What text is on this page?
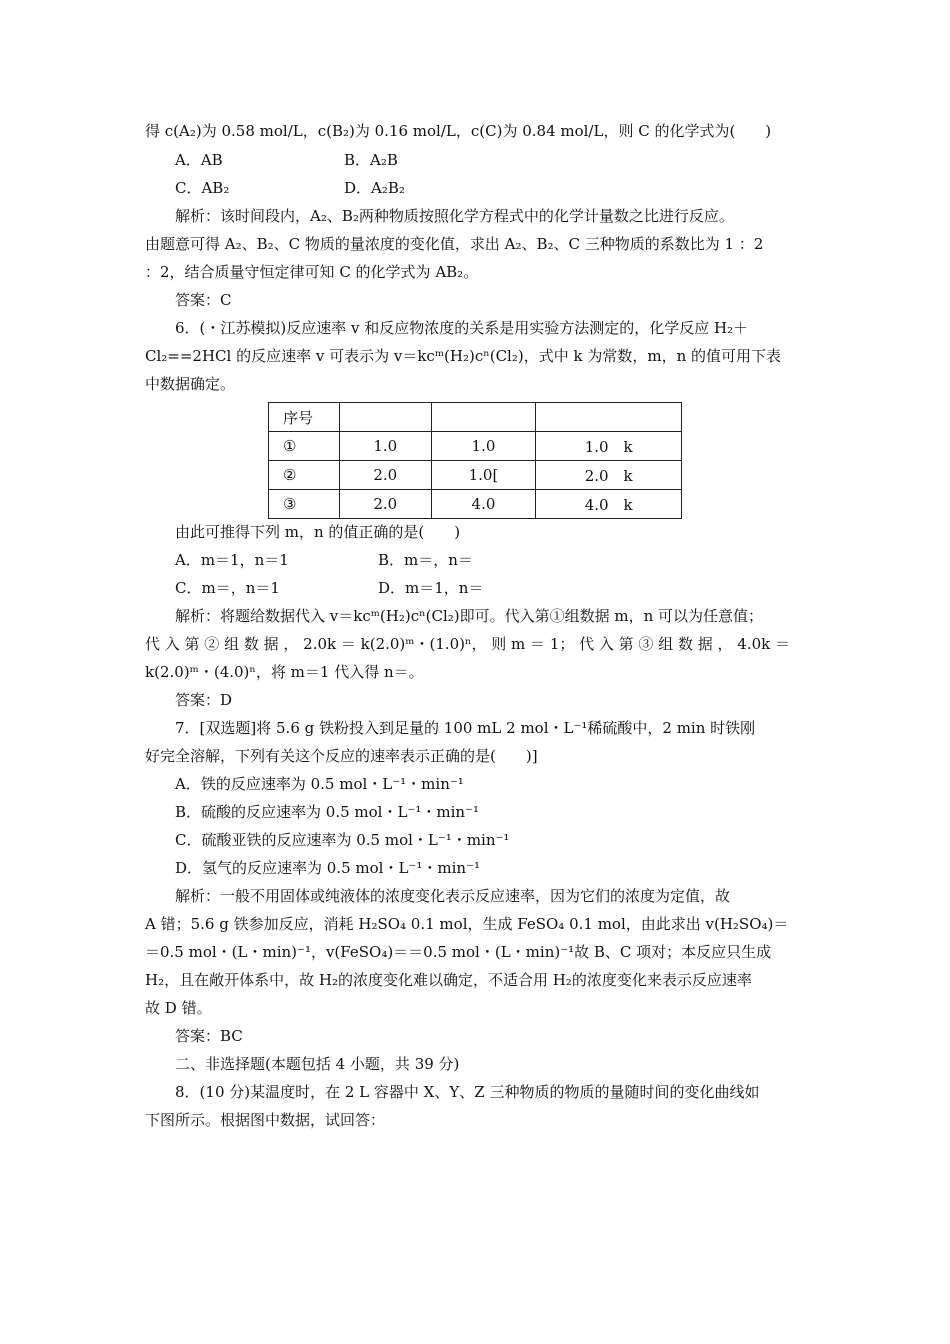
得 c(A₂)为 0.58 mol/L，c(B₂)为 0.16 mol/L，c(C)为 0.84 mol/L，则 C 的化学式为(　　)
A．AB	B．A₂B
C．AB₂	D．A₂B₂
解析：该时间段内，A₂、B₂两种物质按照化学方程式中的化学计量数之比进行反应。
由题意可得 A₂、B₂、C 物质的量浓度的变化值，求出 A₂、B₂、C 三种物质的系数比为 1 ：2
：2，结合质量守恒定律可知 C 的化学式为 AB₂。
答案：C
6．(・江苏模拟)反应速率 v 和反应物浓度的关系是用实验方法测定的，化学反应 H₂＋
Cl₂==2HCl 的反应速率 v 可表示为 v＝kcᵐ(H₂)cⁿ(Cl₂)，式中 k 为常数，m，n 的值可用下表
中数据确定。
序号			
①	1.0	1.0	1.0　k
②	2.0	1.0[	2.0　k
③	2.0	4.0	4.0　k
由此可推得下列 m，n 的值正确的是(　　)
A．m＝1，n＝1	B．m＝，n＝
C．m＝，n＝1	D．m＝1，n＝
解析：将题给数据代入 v＝kcᵐ(H₂)cⁿ(Cl₂)即可。代入第①组数据 m，n 可以为任意值；
代 入 第 ② 组 数 据 ， 2.0k ＝ k(2.0)ᵐ・(1.0)ⁿ， 则 m ＝ 1； 代 入 第 ③ 组 数 据 ， 4.0k ＝
k(2.0)ᵐ・(4.0)ⁿ，将 m＝1 代入得 n＝。
答案：D
7．[双选题]将 5.6 g 铁粉投入到足量的 100 mL 2 mol・L⁻¹稀硫酸中，2 min 时铁刚
好完全溶解，下列有关这个反应的速率表示正确的是(　　)]
A．铁的反应速率为 0.5 mol・L⁻¹・min⁻¹
B．硫酸的反应速率为 0.5 mol・L⁻¹・min⁻¹
C．硫酸亚铁的反应速率为 0.5 mol・L⁻¹・min⁻¹
D．氢气的反应速率为 0.5 mol・L⁻¹・min⁻¹
解析：一般不用固体或纯液体的浓度变化表示反应速率，因为它们的浓度为定值，故
A 错；5.6 g 铁参加反应，消耗 H₂SO₄ 0.1 mol，生成 FeSO₄ 0.1 mol，由此求出 v(H₂SO₄)＝
＝0.5 mol・(L・min)⁻¹，v(FeSO₄)＝＝0.5 mol・(L・min)⁻¹故 B、C 项对；本反应只生成
H₂，且在敞开体系中，故 H₂的浓度变化难以确定，不适合用 H₂的浓度变化来表示反应速率
故 D 错。
答案：BC
二、非选择题(本题包括 4 小题，共 39 分)
8．(10 分)某温度时，在 2 L 容器中 X、Y、Z 三种物质的物质的量随时间的变化曲线如
下图所示。根据图中数据，试回答：
